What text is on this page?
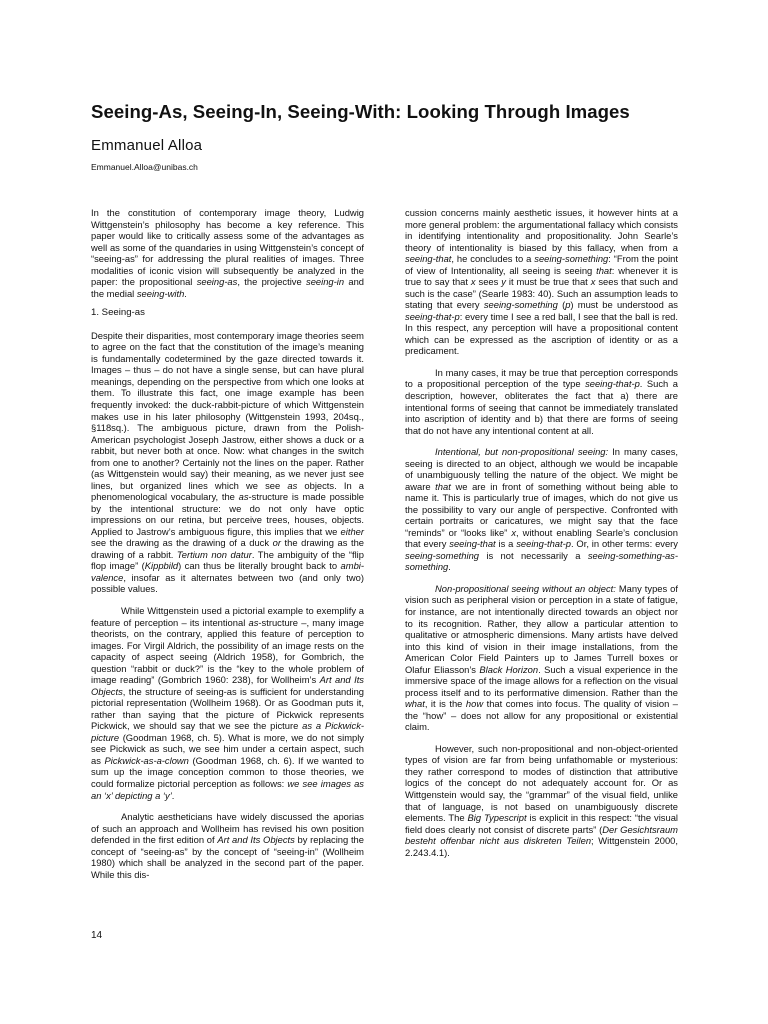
Seeing-As, Seeing-In, Seeing-With: Looking Through Images
Emmanuel Alloa
Emmanuel.Alloa@unibas.ch

In the constitution of contemporary image theory, Ludwig Wittgenstein’s philosophy has become a key reference. This paper would like to critically assess some of the advantages as well as some of the quandaries in using Wittgenstein’s concept of “seeing-as” for addressing the plural realities of images. Three modalities of iconic vision will subsequently be analyzed in the paper: the propositional seeing-as, the projective seeing-in and the medial seeing-with.

1. Seeing-as

Despite their disparities, most contemporary image theories seem to agree on the fact that the constitution of the image’s meaning is fundamentally codetermined by the gaze directed towards it. Images – thus – do not have a single sense, but can have plural meanings, depending on the perspective from which one looks at them. To illustrate this fact, one image example has been frequently invoked: the duck-rabbit-picture of which Wittgenstein makes use in his later philosophy (Wittgenstein 1993, 204sq., §118sq.). The ambiguous picture, drawn from the Polish-American psychologist Joseph Jastrow, either shows a duck or a rabbit, but never both at once. Now: what changes in the switch from one to another? Certainly not the lines on the paper. Rather (as Wittgenstein would say) their meaning, as we never just see lines, but organized lines which we see as objects. In a phenomenological vocabulary, the as-structure is made possible by the intentional structure: we do not only have optic impressions on our retina, but perceive trees, houses, objects. Applied to Jastrow’s ambiguous figure, this implies that we either see the drawing as the drawing of a duck or the drawing as the drawing of a rabbit. Tertium non datur. The ambiguity of the “flip flop image” (Kippbild) can thus be literally brought back to ambi-valence, insofar as it alternates between two (and only two) possible values.

While Wittgenstein used a pictorial example to exemplify a feature of perception – its intentional as-structure –, many image theorists, on the contrary, applied this feature of perception to images. For Virgil Aldrich, the possibility of an image rests on the capacity of aspect seeing (Aldrich 1958), for Gombrich, the question “rabbit or duck?” is the “key to the whole problem of image reading” (Gombrich 1960: 238), for Wollheim’s Art and Its Objects, the structure of seeing-as is sufficient for understanding pictorial representation (Wollheim 1968). Or as Goodman puts it, rather than saying that the picture of Pickwick represents Pickwick, we should say that we see the picture as a Pickwick-picture (Goodman 1968, ch. 5). What is more, we do not simply see Pickwick as such, we see him under a certain aspect, such as Pickwick-as-a-clown (Goodman 1968, ch. 6). If we wanted to sum up the image conception common to those theories, we could formalize pictorial perception as follows: we see images as an ‘x’ depicting a ‘y’.

Analytic aestheticians have widely discussed the aporias of such an approach and Wollheim has revised his own position defended in the first edition of Art and Its Objects by replacing the concept of “seeing-as” by the concept of “seeing-in” (Wollheim 1980) which shall be analyzed in the second part of the paper. While this dis-

cussion concerns mainly aesthetic issues, it however hints at a more general problem: the argumentational fallacy which consists in identifying intentionality and propositionality. John Searle’s theory of intentionality is biased by this fallacy, when from a seeing-that, he concludes to a seeing-something: “From the point of view of Intentionality, all seeing is seeing that: whenever it is true to say that x sees y it must be true that x sees that such and such is the case” (Searle 1983: 40). Such an assumption leads to stating that every seeing-something (p) must be understood as seeing-that-p: every time I see a red ball, I see that the ball is red. In this respect, any perception will have a propositional content which can be expressed as the ascription of identity or as a predicament.

In many cases, it may be true that perception corresponds to a propositional perception of the type seeing-that-p. Such a description, however, obliterates the fact that a) there are intentional forms of seeing that cannot be immediately translated into ascription of identity and b) that there are forms of seeing that do not have any intentional content at all.

Intentional, but non-propositional seeing: In many cases, seeing is directed to an object, although we would be incapable of unambiguously telling the nature of the object. We might be aware that we are in front of something without being able to name it. This is particularly true of images, which do not give us the possibility to vary our angle of perspective. Confronted with certain portraits or caricatures, we might say that the face “reminds” or “looks like” x, without enabling Searle’s conclusion that every seeing-that is a seeing-that-p. Or, in other terms: every seeing-something is not necessarily a seeing-something-as-something.

Non-propositional seeing without an object: Many types of vision such as peripheral vision or perception in a state of fatigue, for instance, are not intentionally directed towards an object nor to its recognition. Rather, they allow a particular attention to qualitative or atmospheric dimensions. Many artists have delved into this kind of vision in their image installations, from the American Color Field Painters up to James Turrell boxes or Olafur Eliasson’s Black Horizon. Such a visual experience in the immersive space of the image allows for a reflection on the visual process itself and to its performative dimension. Rather than the what, it is the how that comes into focus. The quality of vision – the “how” – does not allow for any propositional or existential claim.

However, such non-propositional and non-object-oriented types of vision are far from being unfathomable or mysterious: they rather correspond to modes of distinction that attributive logics of the concept do not adequately account for. Or as Wittgenstein would say, the “grammar” of the visual field, unlike that of language, is not based on unambiguously discrete elements. The Big Typescript is explicit in this respect: “the visual field does clearly not consist of discrete parts” (Der Gesichtsraum besteht offenbar nicht aus diskreten Teilen; Wittgenstein 2000, 2.243.4.1).

14
